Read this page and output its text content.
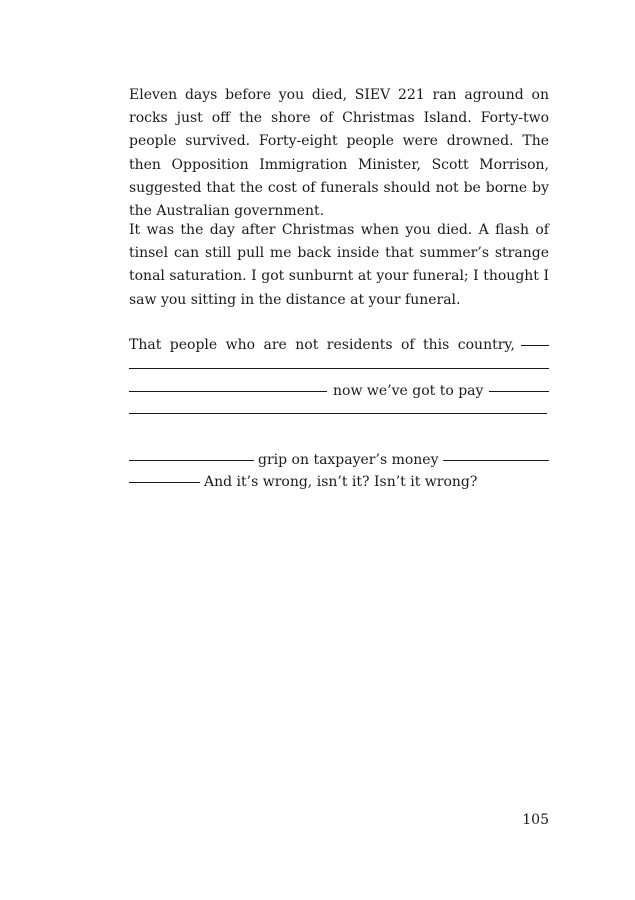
Eleven days before you died, SIEV 221 ran aground on rocks just off the shore of Christmas Island. Forty-two people survived. Forty-eight people were drowned. The then Opposition Immigration Minister, Scott Morrison, suggested that the cost of funerals should not be borne by the Australian government.

It was the day after Christmas when you died. A flash of tinsel can still pull me back inside that summer’s strange tonal saturation. I got sunburnt at your funeral; I thought I saw you sitting in the distance at your funeral.

That people who are not residents of this country,
now we’ve got to pay
grip on taxpayer’s money
And it’s wrong, isn’t it? Isn’t it wrong?
105
